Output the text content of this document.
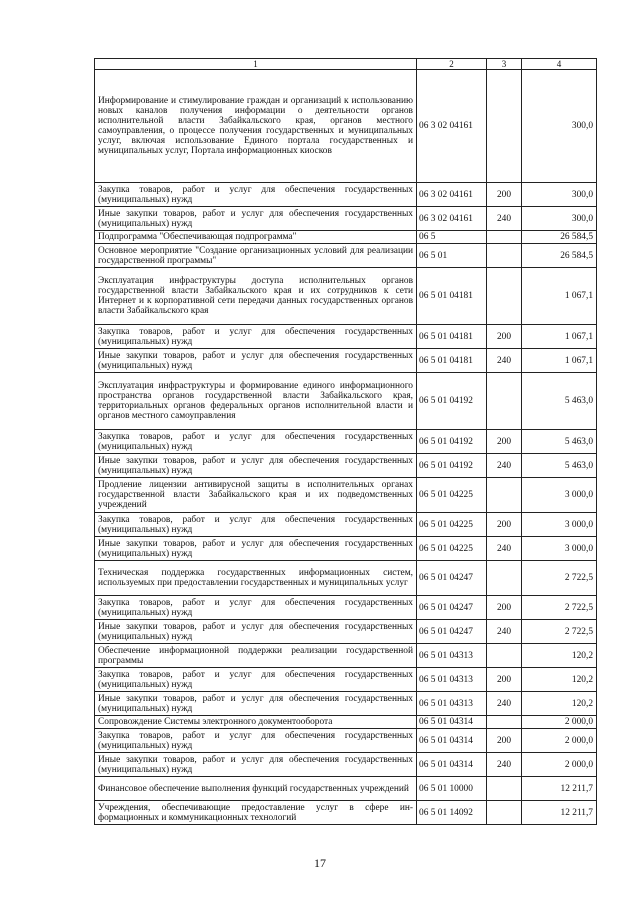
1	2	3	4
Информирование и стимулирование граждан и организаций к использованию новых каналов получения информации о деятельности органов исполнительной власти Забайкальского края, органов местного самоуправления, о процессе получения государственных и муниципальных услуг, включая использование Единого портала государственных и муниципальных услуг, Портала информационных киосков	06 3 02 04161		300,0
Закупка товаров, работ и услуг для обеспечения государственных (муниципальных) нужд	06 3 02 04161	200	300,0
Иные закупки товаров, работ и услуг для обеспечения государственных (муниципальных) нужд	06 3 02 04161	240	300,0
Подпрограмма "Обеспечивающая подпрограмма"	06 5		26 584,5
Основное мероприятие "Создание организационных условий для реализации государственной программы"	06 5 01		26 584,5
Эксплуатация инфраструктуры доступа исполнительных органов государственной власти Забайкальского края и их сотрудников к сети Интернет и к корпоративной сети передачи данных государственных органов власти Забайкальского края	06 5 01 04181		1 067,1
Закупка товаров, работ и услуг для обеспечения государственных (муниципальных) нужд	06 5 01 04181	200	1 067,1
Иные закупки товаров, работ и услуг для обеспечения государственных (муниципальных) нужд	06 5 01 04181	240	1 067,1
Эксплуатация инфраструктуры и формирование единого информационного пространства органов государственной власти Забайкальского края, территориальных органов федеральных органов исполнительной власти и органов местного самоуправления	06 5 01 04192		5 463,0
Закупка товаров, работ и услуг для обеспечения государственных (муниципальных) нужд	06 5 01 04192	200	5 463,0
Иные закупки товаров, работ и услуг для обеспечения государственных (муниципальных) нужд	06 5 01 04192	240	5 463,0
Продление лицензии антивирусной защиты в исполнительных органах государственной власти Забайкальского края и их подведомственных учреждений	06 5 01 04225		3 000,0
Закупка товаров, работ и услуг для обеспечения государственных (муниципальных) нужд	06 5 01 04225	200	3 000,0
Иные закупки товаров, работ и услуг для обеспечения государственных (муниципальных) нужд	06 5 01 04225	240	3 000,0
Техническая поддержка государственных информационных систем, используемых при предоставлении государственных и муниципальных услуг	06 5 01 04247		2 722,5
Закупка товаров, работ и услуг для обеспечения государственных (муниципальных) нужд	06 5 01 04247	200	2 722,5
Иные закупки товаров, работ и услуг для обеспечения государственных (муниципальных) нужд	06 5 01 04247	240	2 722,5
Обеспечение информационной поддержки реализации государственной программы	06 5 01 04313		120,2
Закупка товаров, работ и услуг для обеспечения государственных (муниципальных) нужд	06 5 01 04313	200	120,2
Иные закупки товаров, работ и услуг для обеспечения государственных (муниципальных) нужд	06 5 01 04313	240	120,2
Сопровождение Системы электронного документооборота	06 5 01 04314		2 000,0
Закупка товаров, работ и услуг для обеспечения государственных (муниципальных) нужд	06 5 01 04314	200	2 000,0
Иные закупки товаров, работ и услуг для обеспечения государственных (муниципальных) нужд	06 5 01 04314	240	2 000,0
Финансовое обеспечение выполнения функций государственных учреждений	06 5 01 10000		12 211,7
Учреждения, обеспечивающие предоставление услуг в сфере информационных и коммуникационных технологий	06 5 01 14092		12 211,7
17
